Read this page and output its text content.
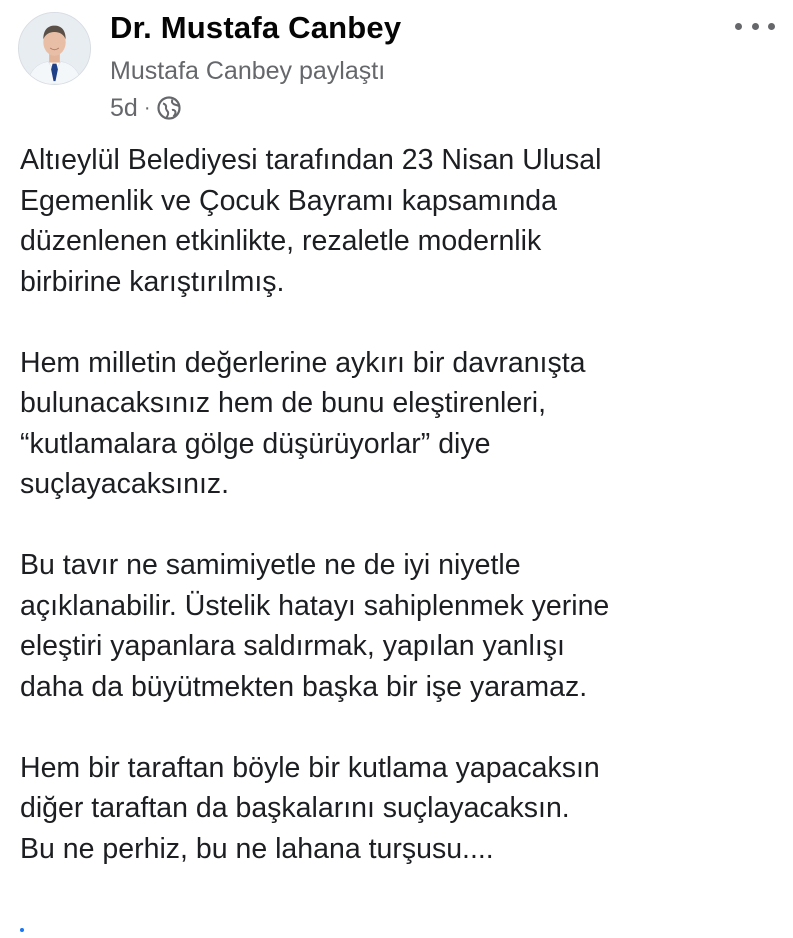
Dr. Mustafa Canbey
Mustafa Canbey paylaştı
5d ·

Altıeylül Belediyesi tarafından 23 Nisan Ulusal
Egemenlik ve Çocuk Bayramı kapsamında
düzenlenen etkinlikte, rezaletle modernlik
birbirine karıştırılmış.

Hem milletin değerlerine aykırı bir davranışta
bulunacaksınız hem de bunu eleştirenleri,
“kutlamalara gölge düşürüyorlar” diye
suçlayacaksınız.

Bu tavır ne samimiyetle ne de iyi niyetle
açıklanabilir. Üstelik hatayı sahiplenmek yerine
eleştiri yapanlara saldırmak, yapılan yanlışı
daha da büyütmekten başka bir işe yaramaz.

Hem bir taraftan böyle bir kutlama yapacaksın
diğer taraftan da başkalarını suçlayacaksın.
Bu ne perhiz, bu ne lahana turşusu....
